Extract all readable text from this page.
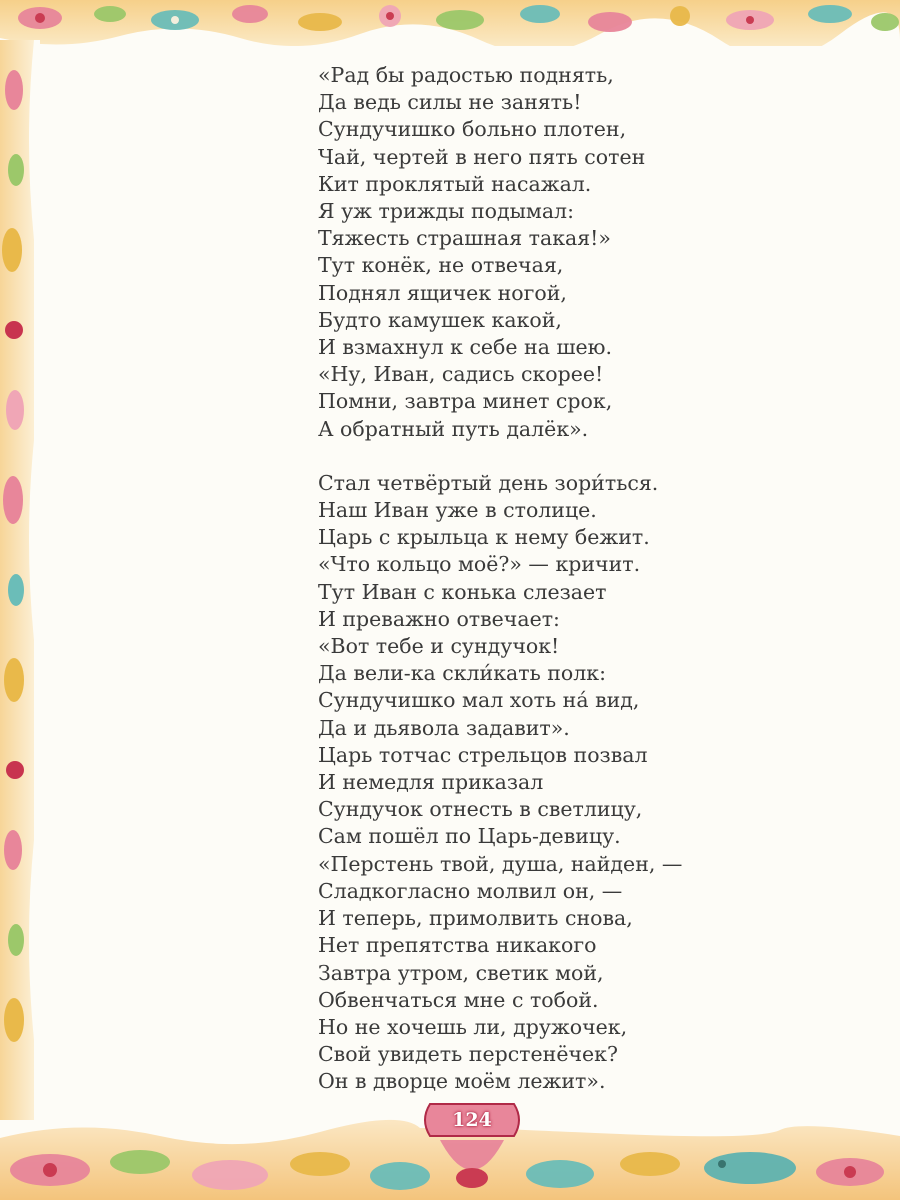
«Рад бы радостью поднять,
Да ведь силы не занять!
Сундучишко больно плотен,
Чай, чертей в него пять сотен
Кит проклятый насажал.
Я уж трижды подымал:
Тяжесть страшная такая!»
Тут конёк, не отвечая,
Поднял ящичек ногой,
Будто камушек какой,
И взмахнул к себе на шею.
«Ну, Иван, садись скорее!
Помни, завтра минет срок,
А обратный путь далёк».

Стал четвёртый день зори́ться.
Наш Иван уже в столице.
Царь с крыльца к нему бежит.
«Что кольцо моё?» — кричит.
Тут Иван с конька слезает
И преважно отвечает:
«Вот тебе и сундучок!
Да вели-ка скли́кать полк:
Сундучишко мал хоть на́ вид,
Да и дьявола задавит».
Царь тотчас стрельцов позвал
И немедля приказал
Сундучок отнесть в светлицу,
Сам пошёл по Царь-девицу.
«Перстень твой, душа, найден, —
Сладкогласно молвил он, —
И теперь, примолвить снова,
Нет препятства никакого
Завтра утром, светик мой,
Обвенчаться мне с тобой.
Но не хочешь ли, дружочек,
Свой увидеть перстенёчек?
Он в дворце моём лежит».

124
